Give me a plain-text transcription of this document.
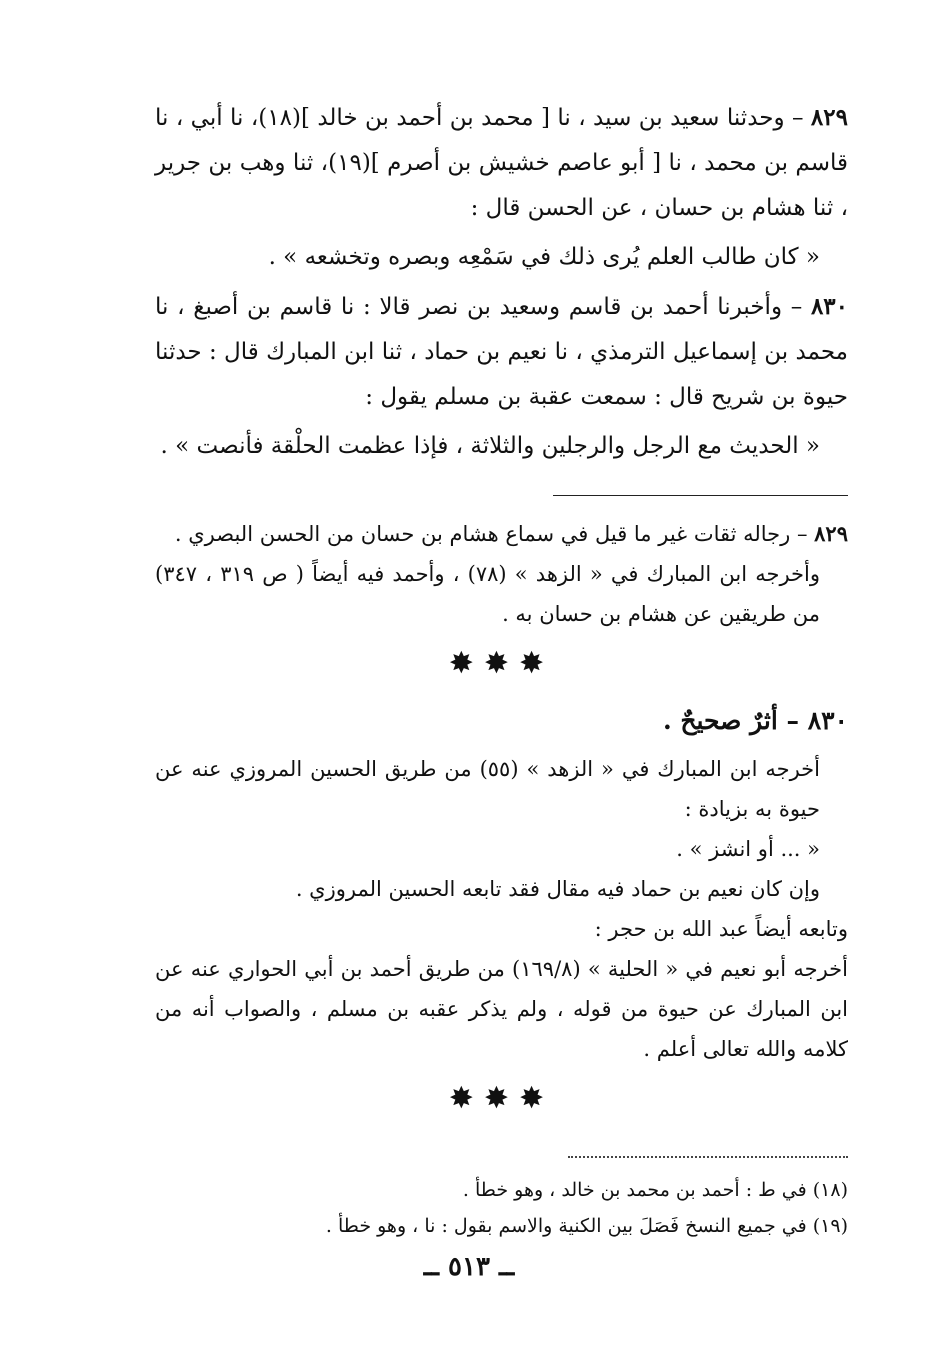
٨٢٩ – وحدثنا سعيد بن سيد ، نا [ محمد بن أحمد بن خالد ](١٨)، نا أبي ، نا قاسم بن محمد ، نا [ أبو عاصم خشيش بن أصرم ](١٩)، ثنا وهب بن جرير ، ثنا هشام بن حسان ، عن الحسن قال :

« كان طالب العلم يُرى ذلك في سَمْعِه وبصره وتخشعه » .

٨٣٠ – وأخبرنا أحمد بن قاسم وسعيد بن نصر قالا : نا قاسم بن أصبغ ، نا محمد بن إسماعيل الترمذي ، نا نعيم بن حماد ، ثنا ابن المبارك قال : حدثنا حيوة بن شريح قال : سمعت عقبة بن مسلم يقول :

« الحديث مع الرجل والرجلين والثلاثة ، فإذا عظمت الحلْقة فأنصت » .

٨٢٩ – رجاله ثقات غير ما قيل في سماع هشام بن حسان من الحسن البصري .

وأخرجه ابن المبارك في « الزهد » (٧٨) ، وأحمد فيه أيضاً ( ص ٣١٩ ، ٣٤٧) من طريقين عن هشام بن حسان به .

✸✸✸
٨٣٠ – أثرٌ صحيحٌ .

أخرجه ابن المبارك في « الزهد » (٥٥) من طريق الحسين المروزي عنه عن حيوة به بزيادة :

« ... أو انشز » .

وإن كان نعيم بن حماد فيه مقال فقد تابعه الحسين المروزي .

وتابعه أيضاً عبد الله بن حجر :

أخرجه أبو نعيم في « الحلية » (١٦٩/٨) من طريق أحمد بن أبي الحواري عنه عن ابن المبارك عن حيوة من قوله ، ولم يذكر عقبه بن مسلم ، والصواب أنه من كلامه والله تعالى أعلم .

✸✸✸

(١٨) في ط : أحمد بن محمد بن خالد ، وهو خطأ .

(١٩) في جميع النسخ فَصَلَ بين الكنية والاسم بقول : نا ، وهو خطأ .

ــ ٥١٣ ــ
